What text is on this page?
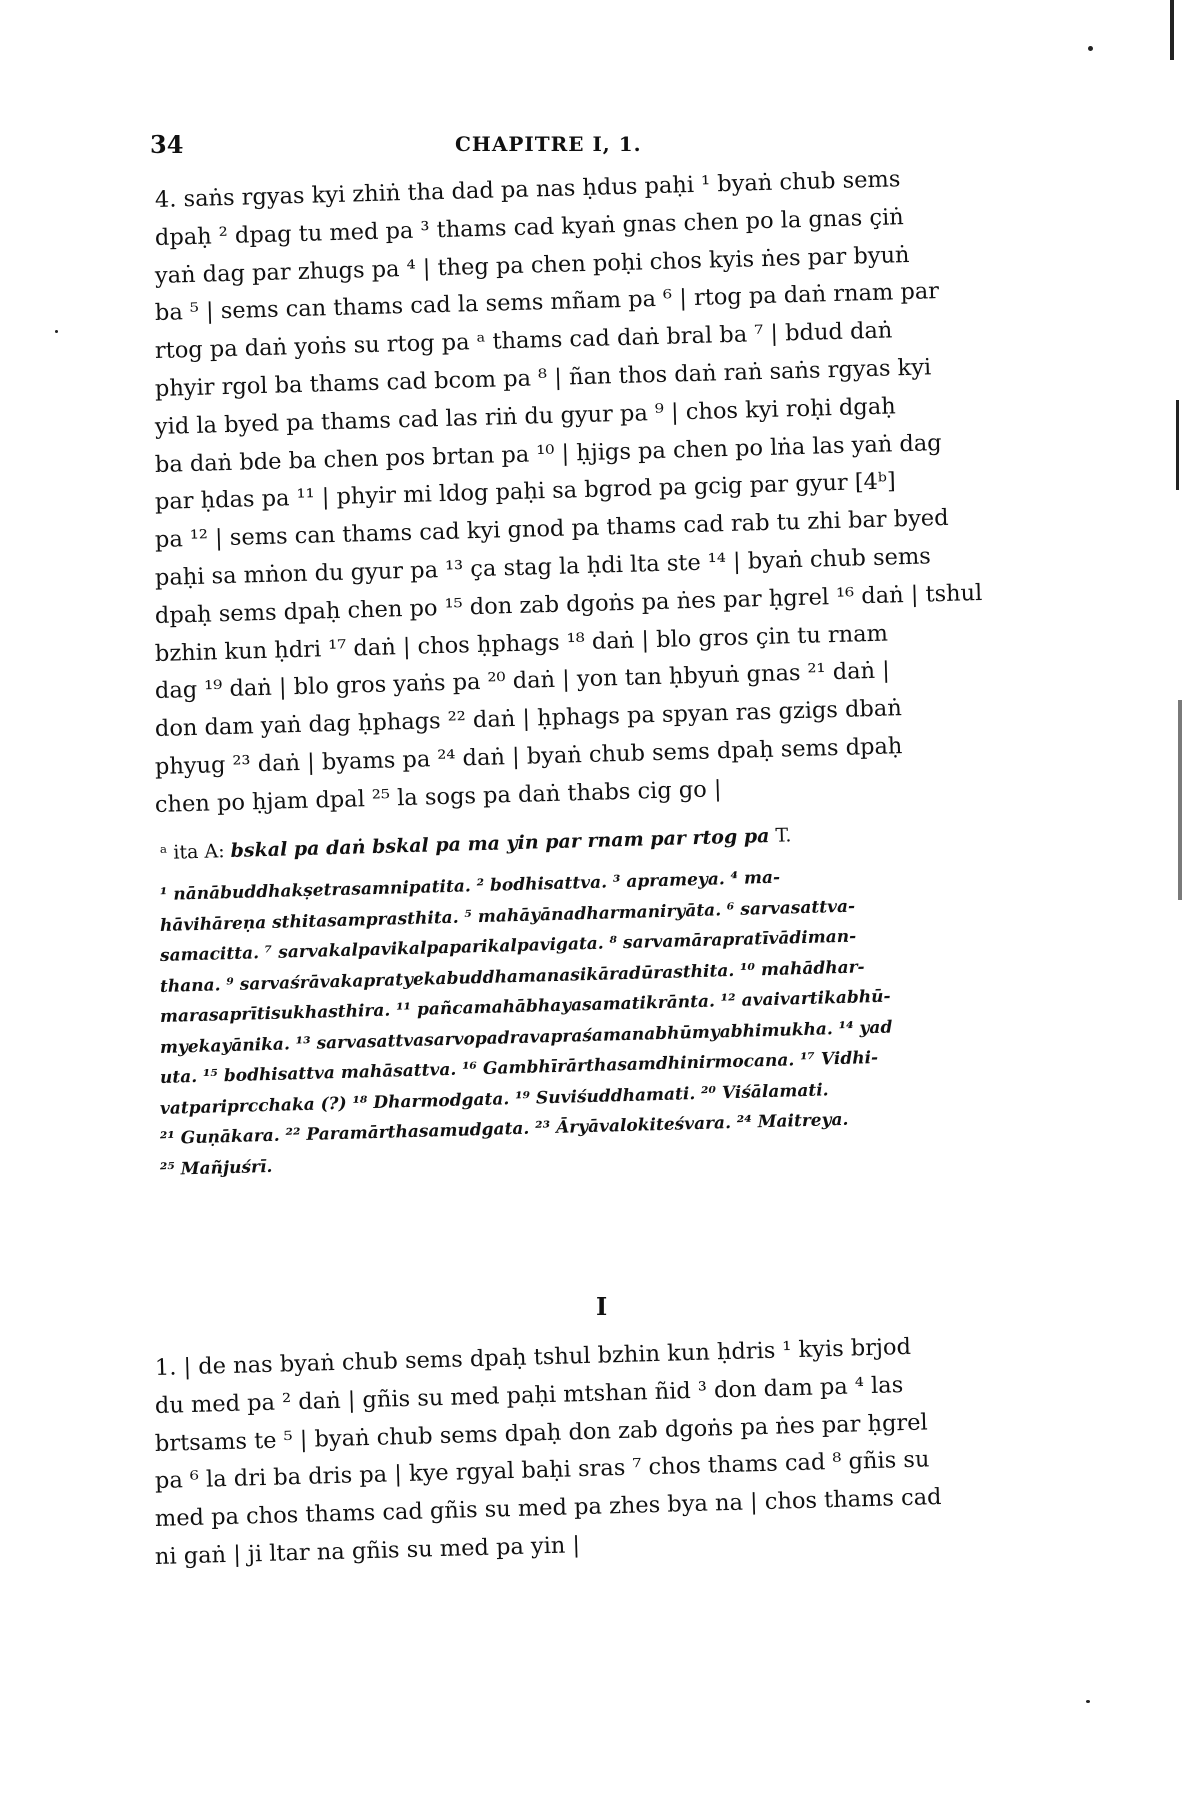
34	CHAPITRE I, 1.
4. saṅs rgyas kyi zhiṅ tha dad pa nas ḥdus paḥi ¹ byaṅ chub sems
dpaḥ ² dpag tu med pa ³ thams cad kyaṅ gnas chen po la gnas çiṅ
yaṅ dag par zhugs pa ⁴ | theg pa chen poḥi chos kyis ṅes par byuṅ
ba ⁵ | sems can thams cad la sems mñam pa ⁶ | rtog pa daṅ rnam par
rtog pa daṅ yoṅs su rtog pa ᵃ thams cad daṅ bral ba ⁷ | bdud daṅ
phyir rgol ba thams cad bcom pa ⁸ | ñan thos daṅ raṅ saṅs rgyas kyi
yid la byed pa thams cad las riṅ du gyur pa ⁹ | chos kyi roḥi dgaḥ
ba daṅ bde ba chen pos brtan pa ¹⁰ | ḥjigs pa chen po lṅa las yaṅ dag
par ḥdas pa ¹¹ | phyir mi ldog paḥi sa bgrod pa gcig par gyur [4ᵇ]
pa ¹² | sems can thams cad kyi gnod pa thams cad rab tu zhi bar byed
paḥi sa mṅon du gyur pa ¹³ ça stag la ḥdi lta ste ¹⁴ | byaṅ chub sems
dpaḥ sems dpaḥ chen po ¹⁵ don zab dgoṅs pa ṅes par ḥgrel ¹⁶ daṅ | tshul
bzhin kun ḥdri ¹⁷ daṅ | chos ḥphags ¹⁸ daṅ | blo gros çin tu rnam
dag ¹⁹ daṅ | blo gros yaṅs pa ²⁰ daṅ | yon tan ḥbyuṅ gnas ²¹ daṅ |
don dam yaṅ dag ḥphags ²² daṅ | ḥphags pa spyan ras gzigs dbaṅ
phyug ²³ daṅ | byams pa ²⁴ daṅ | byaṅ chub sems dpaḥ sems dpaḥ
chen po ḥjam dpal ²⁵ la sogs pa daṅ thabs cig go |
ᵃ ita A: bskal pa daṅ bskal pa ma yin par rnam par rtog pa T.
¹ nānābuddhakṣetrasamnipatita. ² bodhisattva. ³ aprameya. ⁴ ma-
hāvihāreṇa sthitasamprasthita. ⁵ mahāyānadharmaniryāta. ⁶ sarvasattva-
samacitta. ⁷ sarvakalpavikalpaparikalpavigata. ⁸ sarvamārapratīvādiman-
thana. ⁹ sarvaśrāvakapratyekabuddhamanasikāradūrasthita. ¹⁰ mahādhar-
marasaprītisukhasthira. ¹¹ pañcamahābhayasamatikrānta. ¹² avaivartikabhū-
myekayānika. ¹³ sarvasattvasarvopadravapraśamanabhūmyabhimukha. ¹⁴ yad
uta. ¹⁵ bodhisattva mahāsattva. ¹⁶ Gambhīrārthasamdhinirmocana. ¹⁷ Vidhi-
vatpariprcchaka (?) ¹⁸ Dharmodgata. ¹⁹ Suviśuddhamati. ²⁰ Viśālamati.
²¹ Guṇākara. ²² Paramārthasamudgata. ²³ Āryāvalokiteśvara. ²⁴ Maitreya.
²⁵ Mañjuśrī.
I
1. | de nas byaṅ chub sems dpaḥ tshul bzhin kun ḥdris ¹ kyis brjod
du med pa ² daṅ | gñis su med paḥi mtshan ñid ³ don dam pa ⁴ las
brtsams te ⁵ | byaṅ chub sems dpaḥ don zab dgoṅs pa ṅes par ḥgrel
pa ⁶ la dri ba dris pa | kye rgyal baḥi sras ⁷ chos thams cad ⁸ gñis su
med pa chos thams cad gñis su med pa zhes bya na | chos thams cad
ni gaṅ | ji ltar na gñis su med pa yin |
